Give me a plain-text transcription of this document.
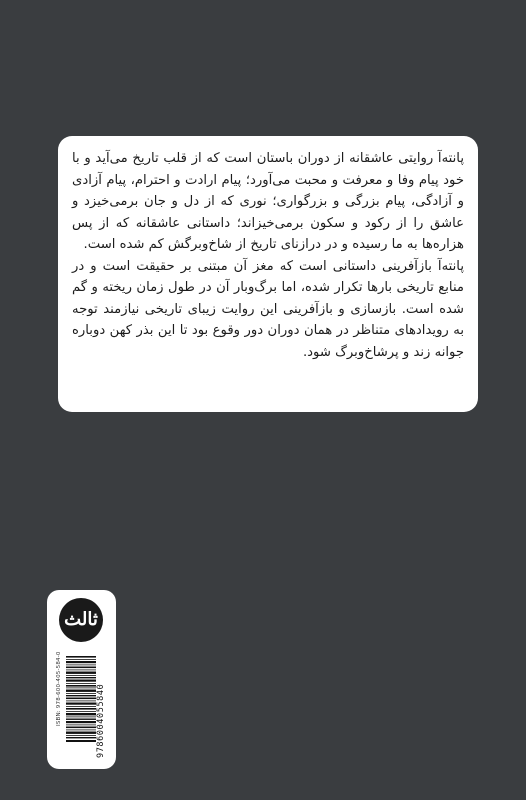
پانته‌آ روایتی عاشقانه از دوران باستان است که از قلب تاریخ می‌آید و با خود پیام وفا و معرفت و محبت می‌آورد؛ پیام ارادت و احترام، پیام آزادی و آزادگی، پیام بزرگی و بزرگواری؛ نوری که از دل و جان برمی‌خیزد و عاشق را از رکود و سکون برمی‌خیزاند؛ داستانی عاشقانه که از پس هزاره‌ها به ما رسیده و در درازنای تاریخ از شاخ‌وبرگش کم شده است.

پانته‌آ بازآفرینی داستانی است که مغز آن مبتنی بر حقیقت است و در منابع تاریخی بارها تکرار شده، اما برگ‌وبار آن در طول زمان ریخته و گم شده است. بازسازی و بازآفرینی این روایت زیبای تاریخی نیازمند توجه به رویدادهای متناظر در همان دوران دور وقوع بود تا این بذر کهن دوباره جوانه زند و پرشاخ‌وبرگ شود.

ثالث
ISBN: 978-600-405-584-0	9786004055840
